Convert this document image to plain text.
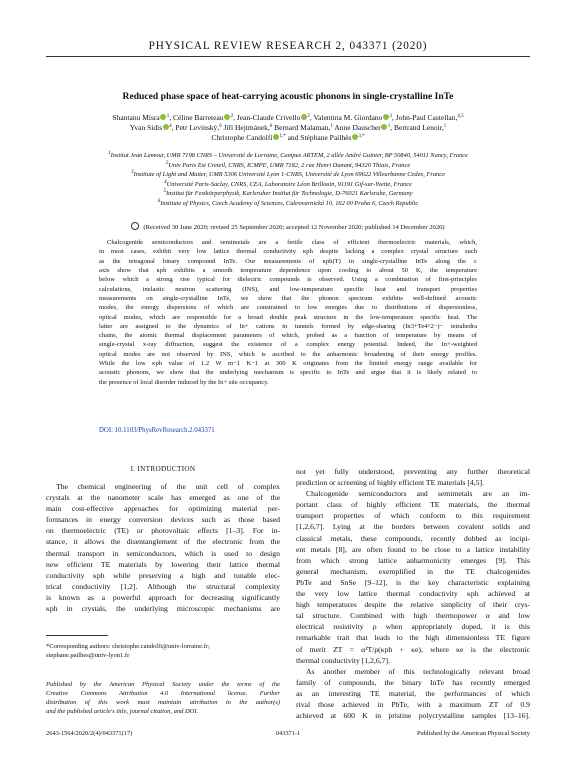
PHYSICAL REVIEW RESEARCH 2, 043371 (2020)
Reduced phase space of heat-carrying acoustic phonons in single-crystalline InTe
Shantanu Misra $^1$, Céline Barreteau $^2$, Jean-Claude Crivello $^2$, Valentina M. Giordano $^3$, John-Paul Castellan,$^{4,5}$
Yvan Sidis $^4$, Petr Levinský,$^6$ Jiří Hejtmánek,$^6$ Bernard Malaman,$^1$ Anne Dauscher $^1$, Bertrand Lenoir,$^1$
Christophe Candolfi $^{1,*}$ and Stéphane Pailhès $^{3,*}$
$^1$Institut Jean Lamour, UMR 7198 CNRS – Université de Lorraine, Campus ARTEM, 2 allée André Guinier, BP 50840, 54011 Nancy, France
$^2$Univ Paris Est Creteil, CNRS, ICMPE, UMR 7182, 2 rue Henri Dunant, 94320 Thiais, France
$^3$Institute of Light and Matter, UMR 5306 Université Lyon 1-CNRS, Université de Lyon 69622 Villeurbanne Cedex, France
$^4$Université Paris-Saclay, CNRS, CEA, Laboratoire Léon Brillouin, 91191 Gif-sur-Yvette, France
$^5$Institut für Festkörperphysik, Karlsruher Institut für Technologie, D-76021 Karlsruhe, Germany
$^6$Institute of Physics, Czech Academy of Sciences, Cukrovarnická 10, 162 00 Praha 6, Czech Republic
(Received 30 June 2020; revised 25 September 2020; accepted 12 November 2020; published 14 December 2020)
Chalcogenide semiconductors and semimetals are a fertile class of efficient thermoelectric materials, which,
in most cases, exhibit very low lattice thermal conductivity κph despite lacking a complex crystal structure such
as the tetragonal binary compound InTe. Our measurements of κph(T) in single-crystalline InTe along the c
axis show that κph exhibits a smooth temperature dependence upon cooling to about 50 K, the temperature
below which a strong rise typical for dielectric compounds is observed. Using a combination of first-principles
calculations, inelastic neutron scattering (INS), and low-temperature specific heat and transport properties
measurements on single-crystalline InTe, we show that the phonon spectrum exhibits well-defined acoustic
modes, the energy dispersions of which are constrained to low energies due to distributions of dispersionless,
optical modes, which are responsible for a broad double peak structure in the low-temperature specific heat. The
latter are assigned to the dynamics of In+ cations in tunnels formed by edge-sharing (In3+Te4^2−)− tetrahedra
chains, the atomic thermal displacement parameters of which, probed as a function of temperature by means of
single-crystal x-ray diffraction, suggest the existence of a complex energy potential. Indeed, the In+-weighted
optical modes are not observed by INS, which is ascribed to the anharmonic broadening of their energy profiles.
While the low κph value of 1.2 W m−1 K−1 at 300 K originates from the limited energy range available for
acoustic phonons, we show that the underlying mechanism is specific to InTe and argue that it is likely related to
the presence of local disorder induced by the In+ site occupancy.
DOI: 10.1103/PhysRevResearch.2.043371
I. INTRODUCTION
The chemical engineering of the unit cell of complex
crystals at the nanometer scale has emerged as one of the
main cost-effective approaches for optimizing material per-
formances in energy conversion devices such as those based
on thermoelectric (TE) or photovoltaic effects [1–3]. For in-
stance, it allows the disentanglement of the electronic from the
thermal transport in semiconductors, which is used to design
new efficient TE materials by lowering their lattice thermal
conductivity κph while preserving a high and tunable elec-
trical conductivity [1,2]. Although the structural complexity
is known as a powerful approach for decreasing significantly
κph in crystals, the underlying microscopic mechanisms are
not yet fully understood, preventing any further theoretical
prediction or screening of highly efficient TE materials [4,5].
Chalcogenide semiconductors and semimetals are an im-
portant class of highly efficient TE materials, the thermal
transport properties of which conform to this requirement
[1,2,6,7]. Lying at the borders between covalent solids and
classical metals, these compounds, recently dubbed as incipi-
ent metals [8], are often found to be close to a lattice instability
from which strong lattice anharmonicity emerges [9]. This
general mechanism, exemplified in the TE chalcogenides
PbTe and SnSe [9–12], is the key characteristic explaining
the very low lattice thermal conductivity κph achieved at
high temperatures despite the relative simplicity of their crys-
tal structure. Combined with high thermopower α and low
electrical resistivity ρ when appropriately doped, it is this
remarkable trait that leads to the high dimensionless TE figure
of merit ZT = α²T/ρ(κph + κe), where κe is the electronic
thermal conductivity [1,2,6,7].
As another member of this technologically relevant broad
family of compounds, the binary InTe has recently emerged
as an interesting TE material, the performances of which
rival those achieved in PbTe, with a maximum ZT of 0.9
achieved at 600 K in pristine polycrystalline samples [13–16].
*Corresponding authors: christophe.candolfi@univ-lorraine.fr;
stephane.pailhes@univ-lyon1.fr
Published by the American Physical Society under the terms of the
Creative Commons Attribution 4.0 International license. Further
distribution of this work must maintain attribution to the author(s)
and the published article's title, journal citation, and DOI.
2643-1564/2020/2(4)/043371(17)	043371-1	Published by the American Physical Society
